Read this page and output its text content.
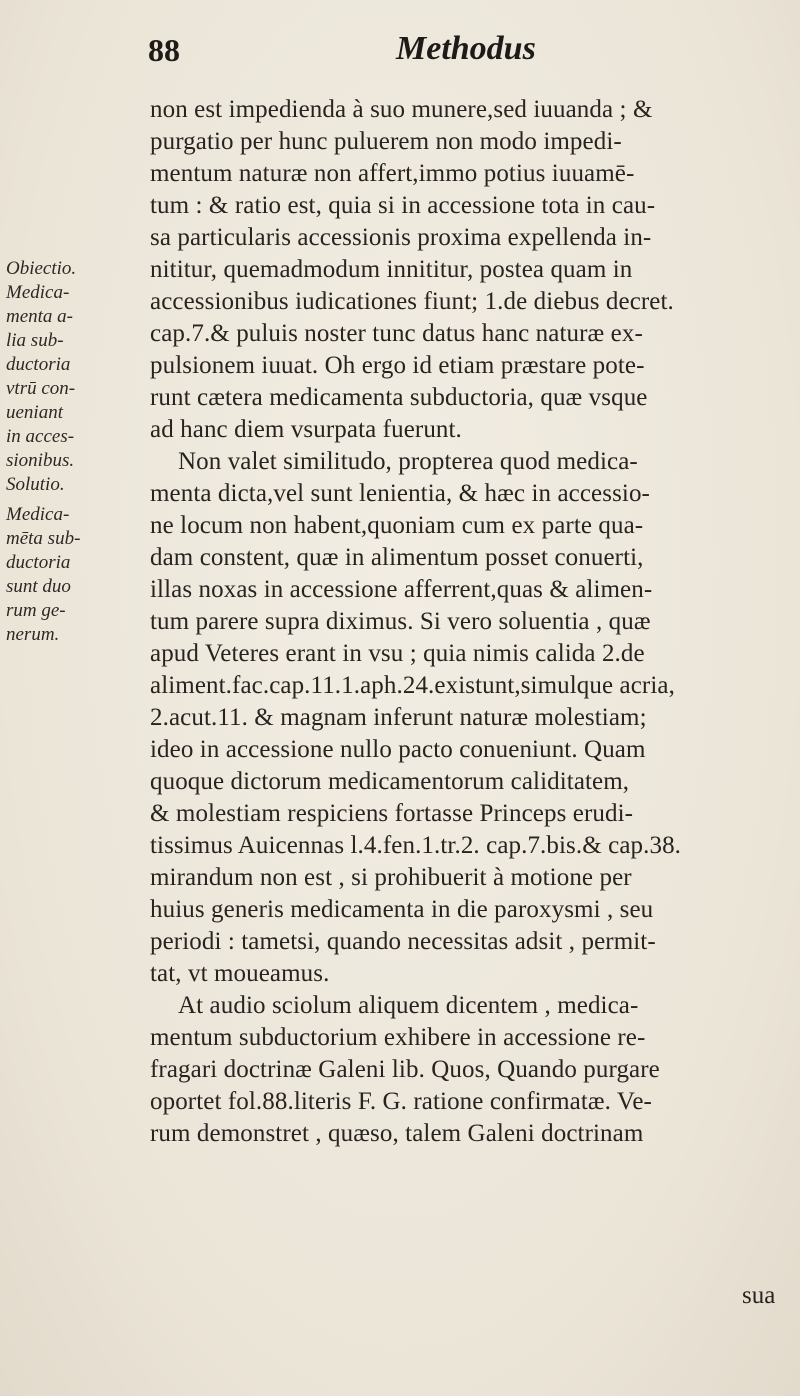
88	Methodus
Obiectio.
Medica-
menta a-
lia sub-
ductoria
vtrū con-
ueniant
in acces-
sionibus.
Solutio.
Medica-
mēta sub-
ductoria
sunt duo
rum ge-
nerum.
non est impedienda à suo munere,sed iuuanda ; &
purgatio per hunc puluerem non modo impedi-
mentum naturæ non affert,immo potius iuuamē-
tum : & ratio est, quia si in accessione tota in cau-
sa particularis accessionis proxima expellenda in-
nititur, quemadmodum innititur, postea quam in
accessionibus iudicationes fiunt; 1.de diebus decret.
cap.7.& puluis noster tunc datus hanc naturæ ex-
pulsionem iuuat. Oh ergo id etiam præstare pote-
runt cætera medicamenta subductoria, quæ vsque
ad hanc diem vsurpata fuerunt.
Non valet similitudo, propterea quod medica-
menta dicta,vel sunt lenientia, & hæc in accessio-
ne locum non habent,quoniam cum ex parte qua-
dam constent, quæ in alimentum posset conuerti,
illas noxas in accessione afferrent,quas & alimen-
tum parere supra diximus. Si vero soluentia , quæ
apud Veteres erant in vsu ; quia nimis calida 2.de
aliment.fac.cap.11.1.aph.24.existunt,simulque acria,
2.acut.11. & magnam inferunt naturæ molestiam;
ideo in accessione nullo pacto conueniunt. Quam
quoque dictorum medicamentorum caliditatem,
& molestiam respiciens fortasse Princeps erudi-
tissimus Auicennas l.4.fen.1.tr.2. cap.7.bis.& cap.38.
mirandum non est , si prohibuerit à motione per
huius generis medicamenta in die paroxysmi , seu
periodi : tametsi, quando necessitas adsit , permit-
tat, vt moueamus.
At audio sciolum aliquem dicentem , medica-
mentum subductorium exhibere in accessione re-
fragari doctrinæ Galeni lib. Quos, Quando purgare
oportet fol.88.literis F. G. ratione confirmatæ. Ve-
rum demonstret , quæso, talem Galeni doctrinam
sua
